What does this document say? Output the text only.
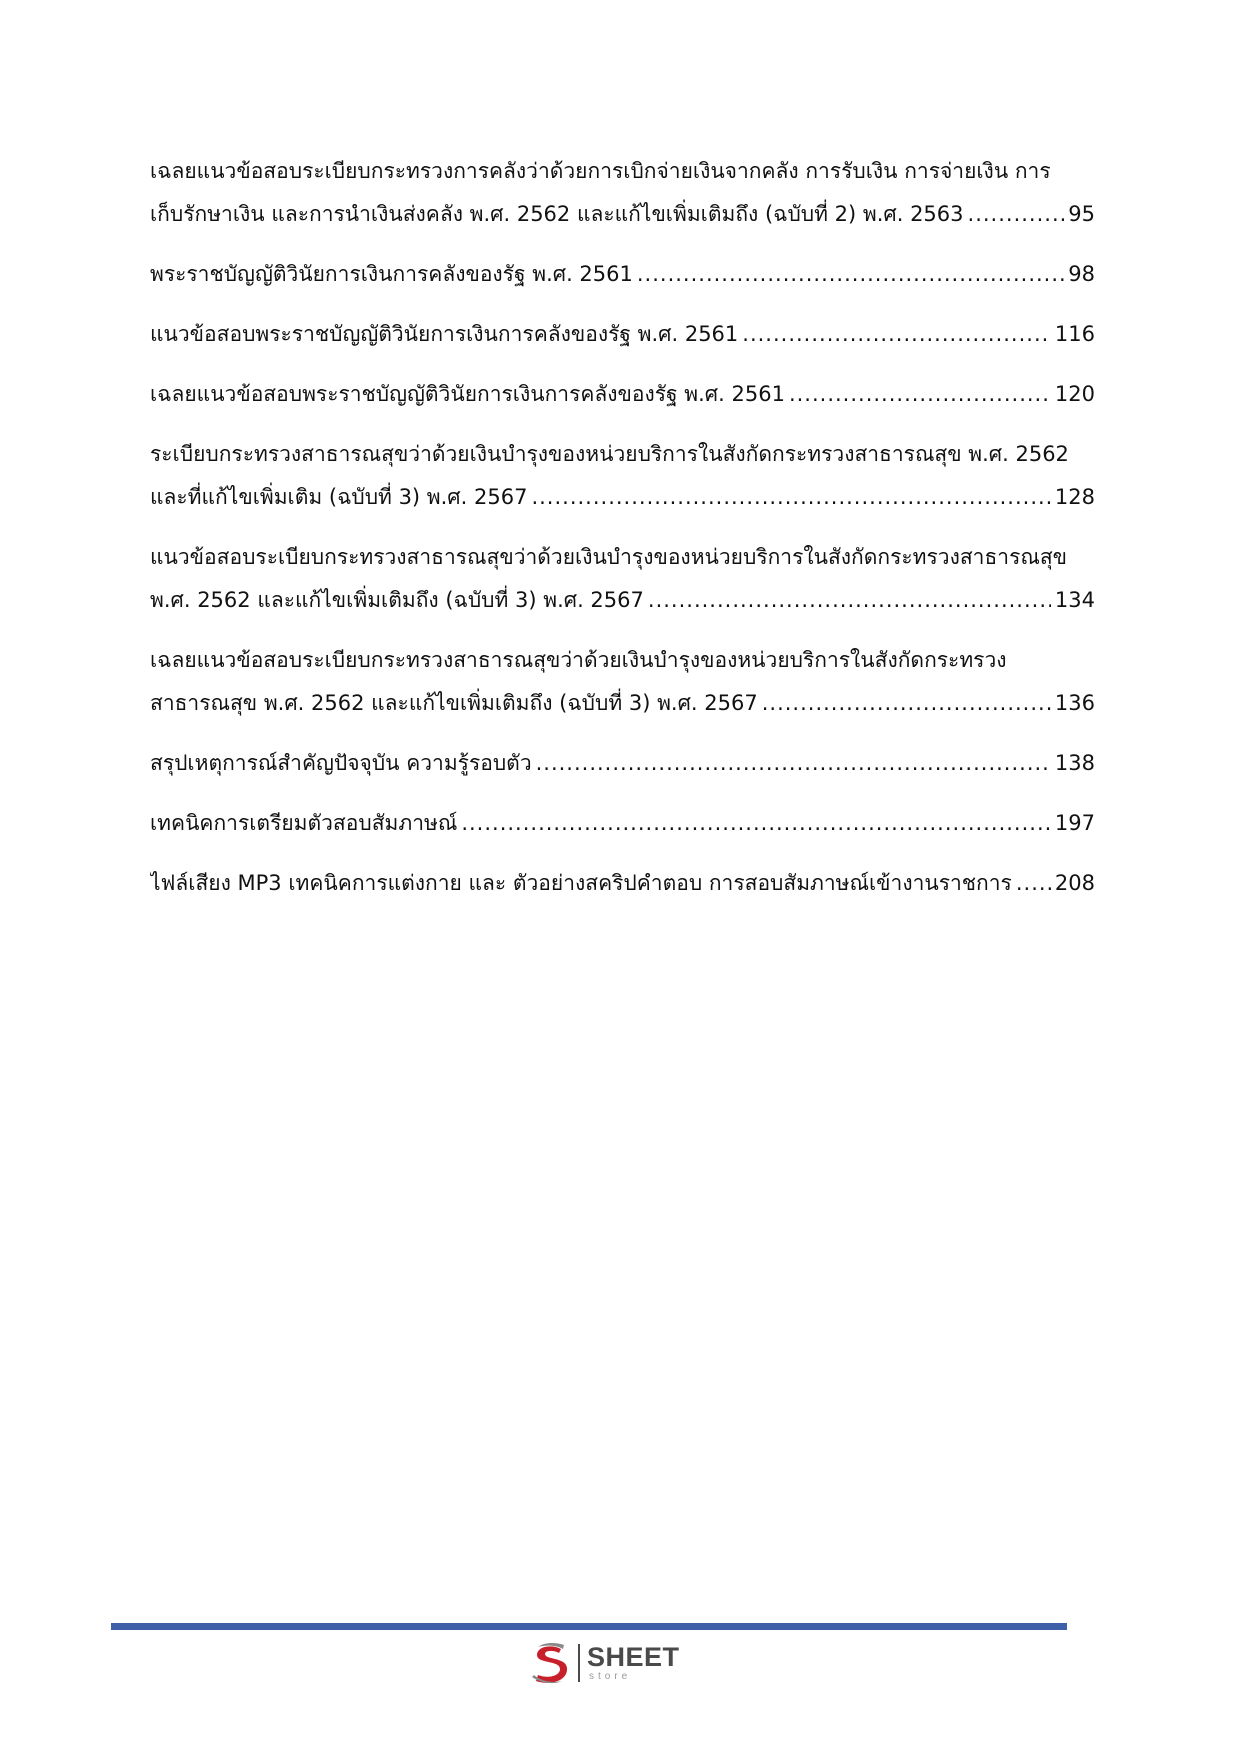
เฉลยแนวข้อสอบระเบียบกระทรวงการคลังว่าด้วยการเบิกจ่ายเงินจากคลัง การรับเงิน การจ่ายเงิน การ
เก็บรักษาเงิน และการนำเงินส่งคลัง พ.ศ. 2562 และแก้ไขเพิ่มเติมถึง (ฉบับที่ 2) พ.ศ. 2563 .....	95
พระราชบัญญัติวินัยการเงินการคลังของรัฐ พ.ศ. 2561 .....	98
แนวข้อสอบพระราชบัญญัติวินัยการเงินการคลังของรัฐ พ.ศ. 2561 .....	116
เฉลยแนวข้อสอบพระราชบัญญัติวินัยการเงินการคลังของรัฐ พ.ศ. 2561 .....	120
ระเบียบกระทรวงสาธารณสุขว่าด้วยเงินบำรุงของหน่วยบริการในสังกัดกระทรวงสาธารณสุข พ.ศ. 2562
และที่แก้ไขเพิ่มเติม (ฉบับที่ 3) พ.ศ. 2567 .....	128
แนวข้อสอบระเบียบกระทรวงสาธารณสุขว่าด้วยเงินบำรุงของหน่วยบริการในสังกัดกระทรวงสาธารณสุข
พ.ศ. 2562 และแก้ไขเพิ่มเติมถึง (ฉบับที่ 3) พ.ศ. 2567 .....	134
เฉลยแนวข้อสอบระเบียบกระทรวงสาธารณสุขว่าด้วยเงินบำรุงของหน่วยบริการในสังกัดกระทรวง
สาธารณสุข พ.ศ. 2562 และแก้ไขเพิ่มเติมถึง (ฉบับที่ 3) พ.ศ. 2567 .....	136
สรุปเหตุการณ์สำคัญปัจจุบัน ความรู้รอบตัว .....	138
เทคนิคการเตรียมตัวสอบสัมภาษณ์ .....	197
ไฟล์เสียง MP3 เทคนิคการแต่งกาย และ ตัวอย่างสคริปคำตอบ การสอบสัมภาษณ์เข้างานราชการ ..... 208
SHEET
store
